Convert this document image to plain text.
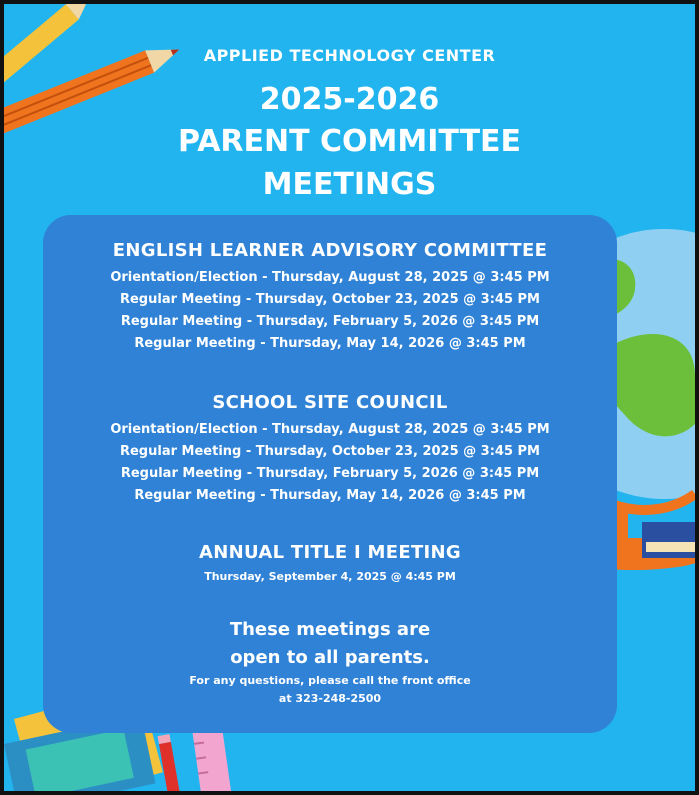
APPLIED TECHNOLOGY CENTER
2025-2026
PARENT COMMITTEE
MEETINGS
ENGLISH LEARNER ADVISORY COMMITTEE
Orientation/Election - Thursday, August 28, 2025 @ 3:45 PM
Regular Meeting - Thursday, October 23, 2025 @ 3:45 PM
Regular Meeting - Thursday, February 5, 2026 @ 3:45 PM
Regular Meeting - Thursday, May 14, 2026 @ 3:45 PM
SCHOOL SITE COUNCIL
Orientation/Election - Thursday, August 28, 2025 @ 3:45 PM
Regular Meeting - Thursday, October 23, 2025 @ 3:45 PM
Regular Meeting - Thursday, February 5, 2026 @ 3:45 PM
Regular Meeting - Thursday, May 14, 2026 @ 3:45 PM
ANNUAL TITLE I MEETING
Thursday, September 4, 2025 @ 4:45 PM
These meetings are
open to all parents.
For any questions, please call the front office
at 323-248-2500
